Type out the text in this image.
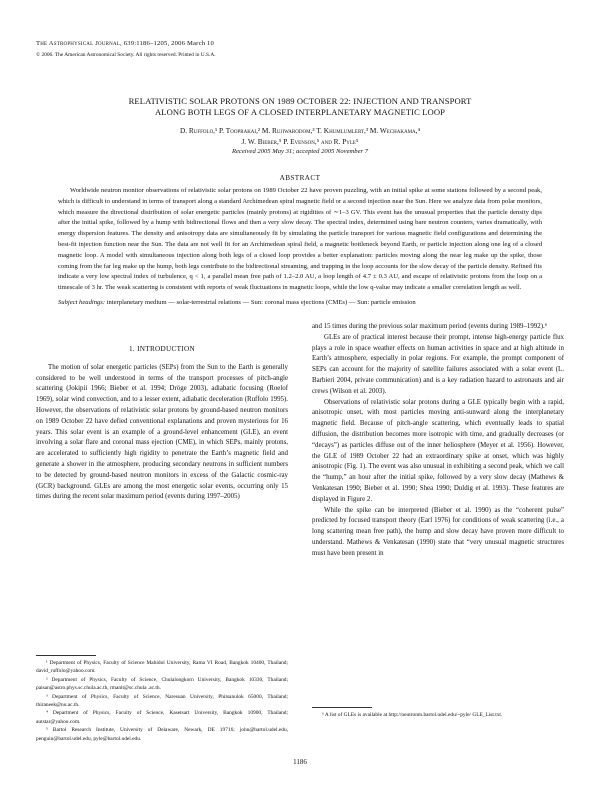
The Astrophysical Journal, 639:1186–1205, 2006 March 10
© 2006. The American Astronomical Society. All rights reserved. Printed in U.S.A.
RELATIVISTIC SOLAR PROTONS ON 1989 OCTOBER 22: INJECTION AND TRANSPORT
ALONG BOTH LEGS OF A CLOSED INTERPLANETARY MAGNETIC LOOP

D. Ruffolo,¹ P. Tooprakai,² M. Rujiwarodom,³ T. Khumlumlert,³ M. Wechakama,⁴
J. W. Bieber,⁵ P. Evenson,⁵ and R. Pyle⁵

Received 2005 May 31; accepted 2005 November 7
ABSTRACT

Worldwide neutron monitor observations of relativistic solar protons on 1989 October 22 have proven puzzling, with an initial spike at some stations followed by a second peak, which is difficult to understand in terms of transport along a standard Archimedean spiral magnetic field or a second injection near the Sun. Here we analyze data from polar monitors, which measure the directional distribution of solar energetic particles (mainly protons) at rigidities of ∼1–3 GV. This event has the unusual properties that the particle density dips after the initial spike, followed by a hump with bidirectional flows and then a very slow decay. The spectral index, determined using bare neutron counters, varies dramatically, with energy dispersion features. The density and anisotropy data are simultaneously fit by simulating the particle transport for various magnetic field configurations and determining the best-fit injection function near the Sun. The data are not well fit for an Archimedean spiral field, a magnetic bottleneck beyond Earth, or particle injection along one leg of a closed magnetic loop. A model with simultaneous injection along both legs of a closed loop provides a better explanation: particles moving along the near leg make up the spike, those coming from the far leg make up the hump, both legs contribute to the bidirectional streaming, and trapping in the loop accounts for the slow decay of the particle density. Refined fits indicate a very low spectral index of turbulence, q < 1, a parallel mean free path of 1.2–2.0 AU, a loop length of 4.7 ± 0.3 AU, and escape of relativistic protons from the loop on a timescale of 3 hr. The weak scattering is consistent with reports of weak fluctuations in magnetic loops, while the low q-value may indicate a smaller correlation length as well.

Subject headings: interplanetary medium — solar-terrestrial relations — Sun: coronal mass ejections (CMEs) — Sun: particle emission

1. INTRODUCTION

The motion of solar energetic particles (SEPs) from the Sun to the Earth is generally considered to be well understood in terms of the transport processes of pitch-angle scattering (Jokipii 1966; Bieber et al. 1994; Dröge 2003), adiabatic focusing (Roelof 1969), solar wind convection, and to a lesser extent, adiabatic deceleration (Ruffolo 1995). However, the observations of relativistic solar protons by ground-based neutron monitors on 1989 October 22 have defied conventional explanations and proven mysterious for 16 years. This solar event is an example of a ground-level enhancement (GLE), an event involving a solar flare and coronal mass ejection (CME), in which SEPs, mainly protons, are accelerated to sufficiently high rigidity to penetrate the Earth’s magnetic field and generate a shower in the atmosphere, producing secondary neutrons in sufficient numbers to be detected by ground-based neutron monitors in excess of the Galactic cosmic-ray (GCR) background. GLEs are among the most energetic solar events, occurring only 15 times during the recent solar maximum period (events during 1997–2005)

¹ Department of Physics, Faculty of Science Mahidol University, Rama VI Road, Bangkok 10400, Thailand; david_ruffolo@yahoo.com.

² Department of Physics, Faculty of Science, Chulalongkorn University, Bangkok 10330, Thailand; paisan@astro.phys.sc.chula.ac.th, rmanit@sc.chula .ac.th.

³ Department of Physics, Faculty of Science, Naresuan University, Phitsanulok 65000, Thailand; thiraneek@nu.ac.th.

⁴ Department of Physics, Faculty of Science, Kasetsart University, Bangkok 10900, Thailand; autstar@yahoo.com.

⁵ Bartol Research Institute, University of Delaware, Newark, DE 19716; john@bartol.udel.edu, penguin@bartol.udel.edu, pyle@bartol.udel.edu.

and 15 times during the previous solar maximum period (events during 1989–1992).⁶

GLEs are of practical interest because their prompt, intense high-energy particle flux plays a role in space weather effects on human activities in space and at high altitude in Earth’s atmosphere, especially in polar regions. For example, the prompt component of SEPs can account for the majority of satellite failures associated with a solar event (L. Barbieri 2004, private communication) and is a key radiation hazard to astronauts and air crews (Wilson et al. 2003).

Observations of relativistic solar protons during a GLE typically begin with a rapid, anisotropic onset, with most particles moving anti-sunward along the interplanetary magnetic field. Because of pitch-angle scattering, which eventually leads to spatial diffusion, the distribution becomes more isotropic with time, and gradually decreases (or “decays”) as particles diffuse out of the inner heliosphere (Meyer et al. 1956). However, the GLE of 1989 October 22 had an extraordinary spike at onset, which was highly anisotropic (Fig. 1). The event was also unusual in exhibiting a second peak, which we call the “hump,” an hour after the initial spike, followed by a very slow decay (Mathews & Venkatesan 1990; Bieber et al. 1990; Shea 1990; Duldig et al. 1993). These features are displayed in Figure 2.

While the spike can be interpreted (Bieber et al. 1990) as the “coherent pulse” predicted by focused transport theory (Earl 1976) for conditions of weak scattering (i.e., a long scattering mean free path), the hump and slow decay have proven more difficult to understand. Mathews & Venkatesan (1990) state that “very unusual magnetic structures must have been present in

⁶ A list of GLEs is available at http://neutronm.bartol.udel.edu/~pyle/ GLE_List.txt.

1186
